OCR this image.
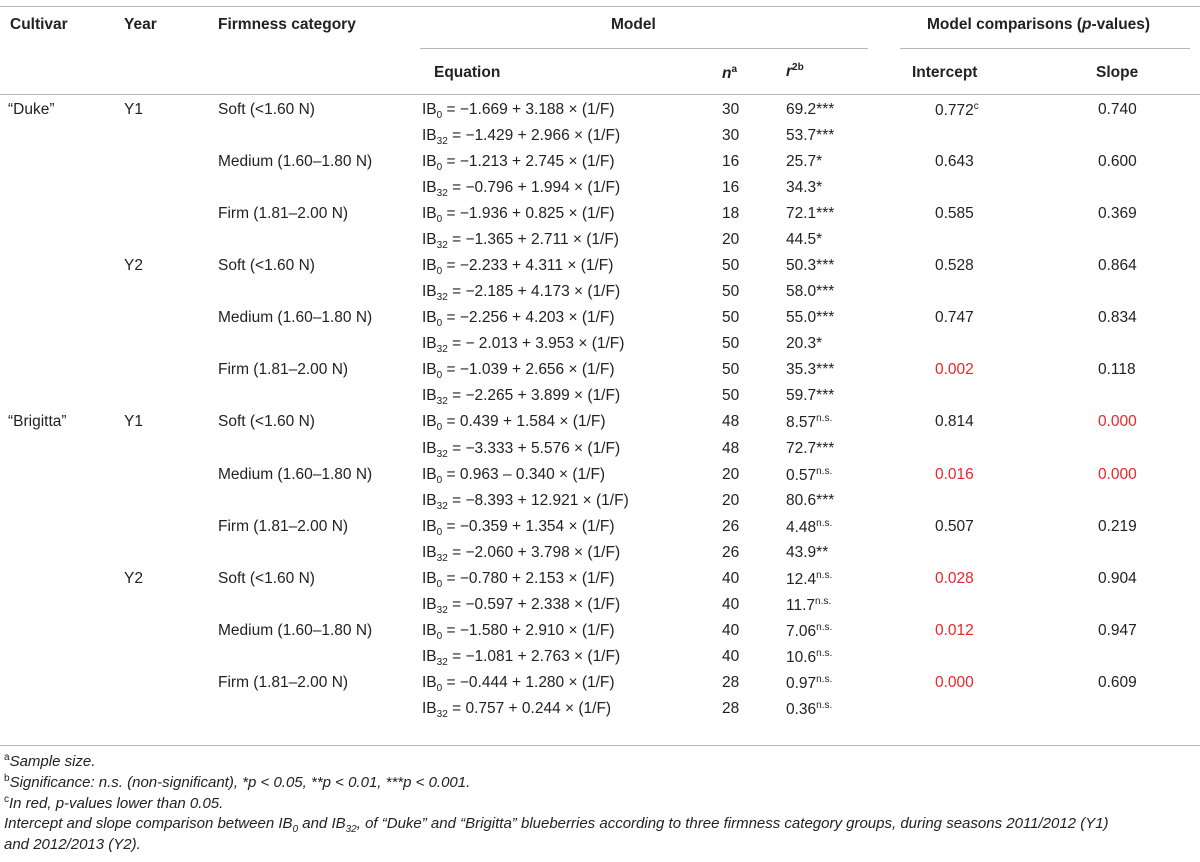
Cultivar	Year	Firmness category	Model	Model comparisons (p-values)
Equation	$n^a$	$r^{2b}$	Intercept	Slope
“Duke”	Y1	Soft (<1.60 N)	$IB_0 = -1.669 + 3.188 \times (1/F)$	30	69.2***	0.772$^c$	0.740
$IB_{32} = -1.429 + 2.966 \times (1/F)$	30	53.7***
Medium (1.60–1.80 N)	$IB_0 = -1.213 + 2.745 \times (1/F)$	16	25.7*	0.643	0.600
$IB_{32} = -0.796 + 1.994 \times (1/F)$	16	34.3*
Firm (1.81–2.00 N)	$IB_0 = -1.936 + 0.825 \times (1/F)$	18	72.1***	0.585	0.369
$IB_{32} = -1.365 + 2.711 \times (1/F)$	20	44.5*
Y2	Soft (<1.60 N)	$IB_0 = -2.233 + 4.311 \times (1/F)$	50	50.3***	0.528	0.864
$IB_{32} = -2.185 + 4.173 \times (1/F)$	50	58.0***
Medium (1.60–1.80 N)	$IB_0 = -2.256 + 4.203 \times (1/F)$	50	55.0***	0.747	0.834
$IB_{32}$ = − 2.013 + 3.953 × (1/F)	50	20.3*
Firm (1.81–2.00 N)	$IB_0 = -1.039 + 2.656 \times (1/F)$	50	35.3***	0.002	0.118
$IB_{32} = -2.265 + 3.899 \times (1/F)$	50	59.7***
“Brigitta”	Y1	Soft (<1.60 N)	$IB_0 = 0.439 + 1.584 \times (1/F)$	48	$8.57^{n.s.}$	0.814	0.000
$IB_{32} = -3.333 + 5.576 \times (1/F)$	48	72.7***
Medium (1.60–1.80 N)	$IB_0 = 0.963 - 0.340 \times (1/F)$	20	$0.57^{n.s.}$	0.016	0.000
$IB_{32} = -8.393 + 12.921 \times (1/F)$	20	80.6***
Firm (1.81–2.00 N)	$IB_0 = -0.359 + 1.354 \times (1/F)$	26	$4.48^{n.s.}$	0.507	0.219
$IB_{32} = -2.060 + 3.798 \times (1/F)$	26	43.9**
Y2	Soft (<1.60 N)	$IB_0 = -0.780 + 2.153 \times (1/F)$	40	$12.4^{n.s.}$	0.028	0.904
$IB_{32} = -0.597 + 2.338 \times (1/F)$	40	$11.7^{n.s.}$
Medium (1.60–1.80 N)	$IB_0 = -1.580 + 2.910 \times (1/F)$	40	$7.06^{n.s.}$	0.012	0.947
$IB_{32} = -1.081 + 2.763 \times (1/F)$	40	$10.6^{n.s.}$
Firm (1.81–2.00 N)	$IB_0 = -0.444 + 1.280 \times (1/F)$	28	$0.97^{n.s.}$	0.000	0.609
$IB_{32} = 0.757 + 0.244 \times (1/F)$	28	$0.36^{n.s.}$
$^a$Sample size.
$^b$Significance: n.s. (non-significant), *p < 0.05, **p < 0.01, ***p < 0.001.
$^c$In red, p-values lower than 0.05.
Intercept and slope comparison between $IB_0$ and $IB_{32}$, of “Duke” and “Brigitta” blueberries according to three firmness category groups, during seasons 2011/2012 (Y1)
and 2012/2013 (Y2).
